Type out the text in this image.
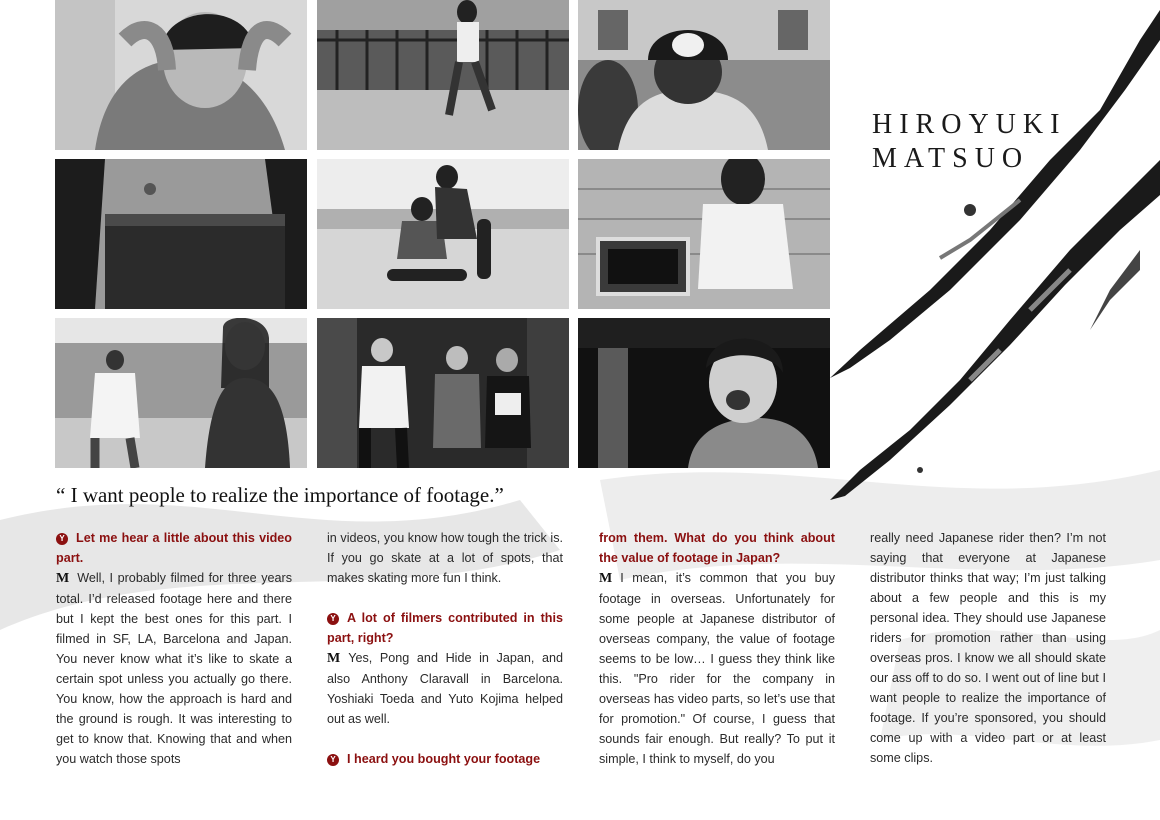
HIROYUKI
MATSUO
“ I want people to realize the importance of footage.”
Y Let me hear a little about this video part.
M Well, I probably filmed for three years total. I’d released footage here and there but I kept the best ones for this part. I filmed in SF, LA, Barcelona and Japan. You never know what it’s like to skate a certain spot unless you actually go there. You know, how the approach is hard and the ground is rough. It was interesting to get to know that. Knowing that and when you watch those spots
in videos, you know how tough the trick is. If you go skate at a lot of spots, that makes skating more fun I think.
Y A lot of filmers contributed in this part, right?
M Yes, Pong and Hide in Japan, and also Anthony Claravall in Barcelona. Yoshiaki Toeda and Yuto Kojima helped out as well.
Y I heard you bought your footage
from them. What do you think about the value of footage in Japan?
M I mean, it’s common that you buy footage in overseas. Unfortunately for some people at Japanese distributor of overseas company, the value of footage seems to be low… I guess they think like this. "Pro rider for the company in overseas has video parts, so let’s use that for promotion." Of course, I guess that sounds fair enough. But really? To put it simple, I think to myself, do you
really need Japanese rider then? I’m not saying that everyone at Japanese distributor thinks that way; I’m just talking about a few people and this is my personal idea. They should use Japanese riders for promotion rather than using overseas pros. I know we all should skate our ass off to do so. I went out of line but I want people to realize the importance of footage. If you’re sponsored, you should come up with a video part or at least some clips.
